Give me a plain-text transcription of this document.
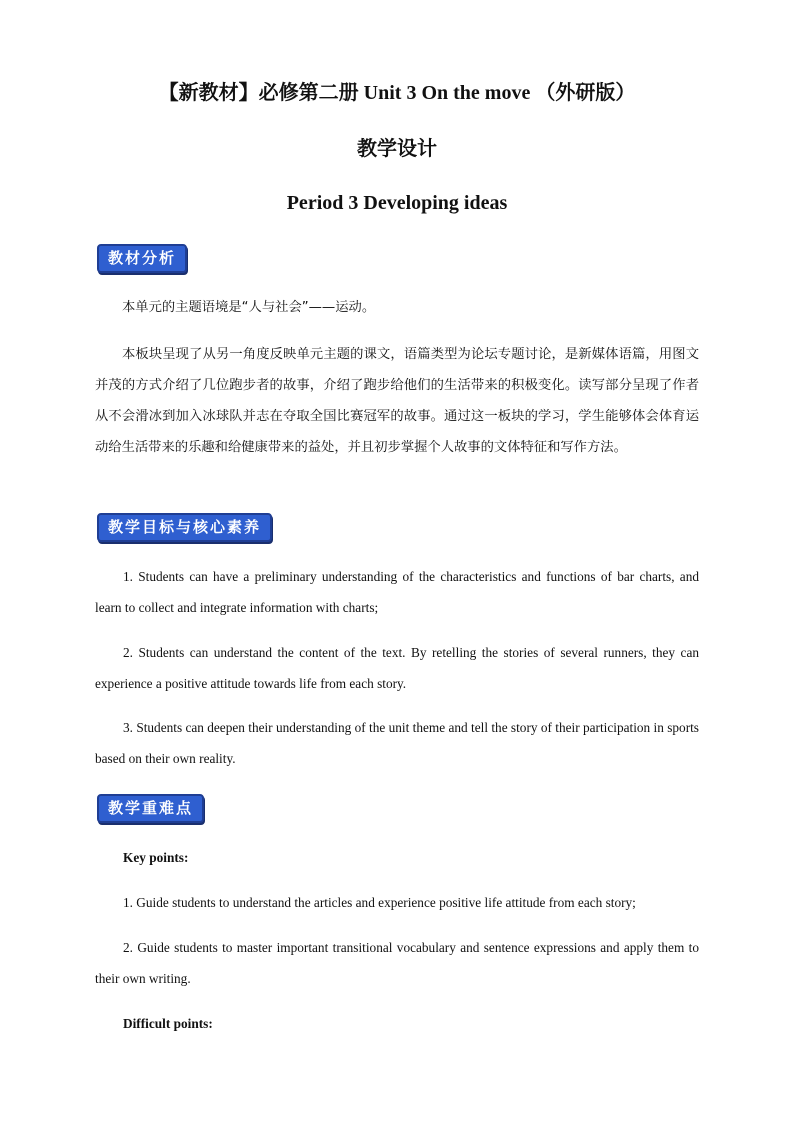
【新教材】必修第二册 Unit 3 On the move （外研版）
教学设计
Period 3 Developing ideas
教材分析

本单元的主题语境是“人与社会”——运动。

本板块呈现了从另一角度反映单元主题的课文，语篇类型为论坛专题讨论，是新媒体语篇，用图文并茂的方式介绍了几位跑步者的故事，介绍了跑步给他们的生活带来的积极变化。读写部分呈现了作者从不会滑冰到加入冰球队并志在夺取全国比赛冠军的故事。通过这一板块的学习，学生能够体会体育运动给生活带来的乐趣和给健康带来的益处，并且初步掌握个人故事的文体特征和写作方法。

教学目标与核心素养

1. Students can have a preliminary understanding of the characteristics and functions of bar charts, and learn to collect and integrate information with charts;

2. Students can understand the content of the text. By retelling the stories of several runners, they can experience a positive attitude towards life from each story.

3. Students can deepen their understanding of the unit theme and tell the story of their participation in sports based on their own reality.

教学重难点
Key points:

1. Guide students to understand the articles and experience positive life attitude from each story;

2. Guide students to master important transitional vocabulary and sentence expressions and apply them to their own writing.

Difficult points:
